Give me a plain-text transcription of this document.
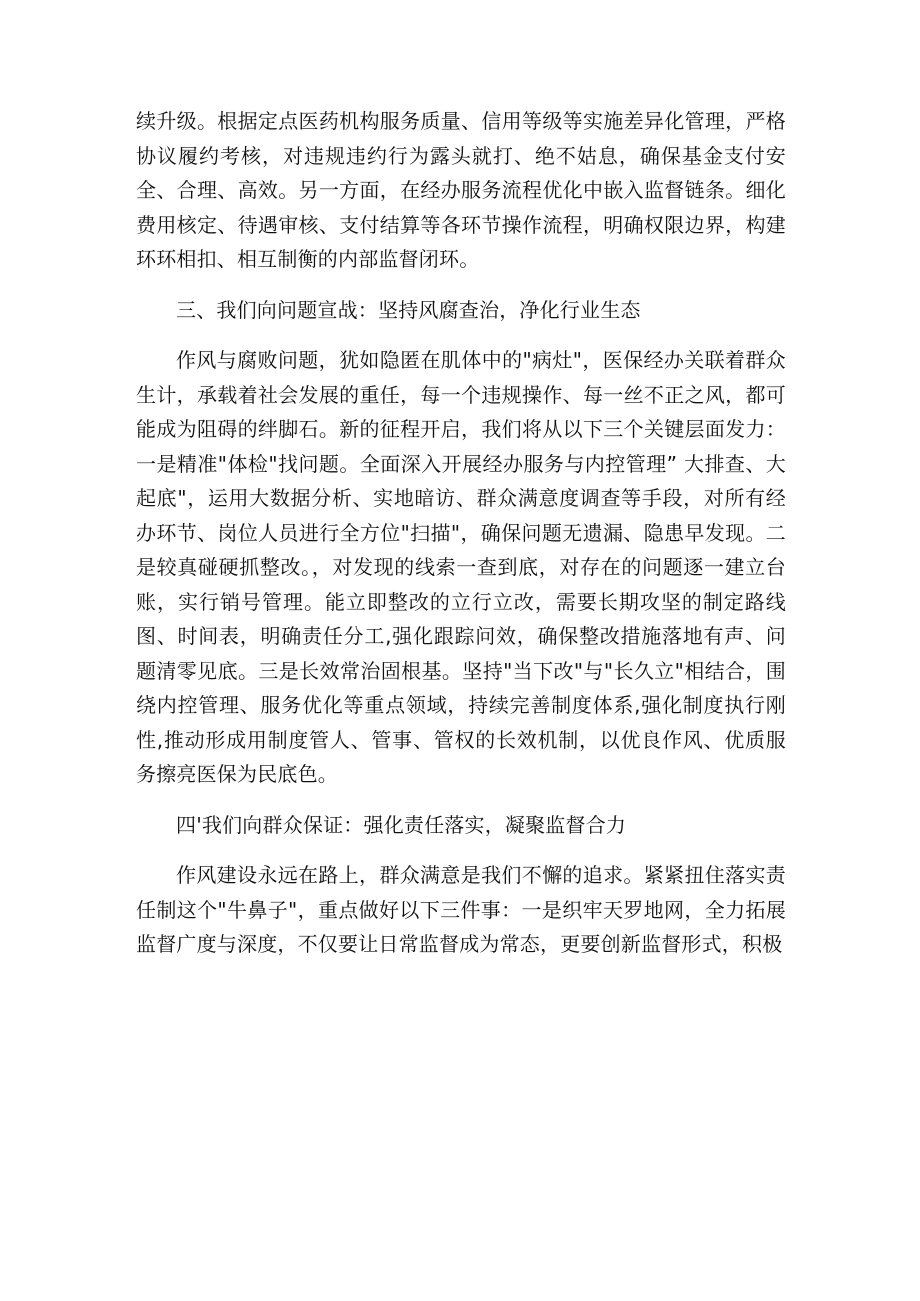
续升级。根据定点医药机构服务质量、信用等级等实施差异化管理，严格协议履约考核，对违规违约行为露头就打、绝不姑息，确保基金支付安全、合理、高效。另一方面，在经办服务流程优化中嵌入监督链条。细化费用核定、待遇审核、支付结算等各环节操作流程，明确权限边界，构建环环相扣、相互制衡的内部监督闭环。

三、我们向问题宣战：坚持风腐查治，净化行业生态

作风与腐败问题，犹如隐匿在肌体中的"病灶"，医保经办关联着群众生计，承载着社会发展的重任，每一个违规操作、每一丝不正之风，都可能成为阻碍的绊脚石。新的征程开启，我们将从以下三个关键层面发力：一是精准"体检"找问题。全面深入开展经办服务与内控管理” 大排查、大起底"，运用大数据分析、实地暗访、群众满意度调查等手段，对所有经办环节、岗位人员进行全方位"扫描"，确保问题无遗漏、隐患早发现。二是较真碰硬抓整改。，对发现的线索一查到底，对存在的问题逐一建立台账，实行销号管理。能立即整改的立行立改，需要长期攻坚的制定路线图、时间表，明确责任分工,强化跟踪问效，确保整改措施落地有声、问题清零见底。三是长效常治固根基。坚持"当下改"与"长久立"相结合，围绕内控管理、服务优化等重点领域，持续完善制度体系,强化制度执行刚性,推动形成用制度管人、管事、管权的长效机制，以优良作风、优质服务擦亮医保为民底色。

四'我们向群众保证：强化责任落实，凝聚监督合力

作风建设永远在路上，群众满意是我们不懈的追求。紧紧扭住落实责任制这个"牛鼻子"，重点做好以下三件事：一是织牢天罗地网，全力拓展监督广度与深度，不仅要让日常监督成为常态，更要创新监督形式，积极
